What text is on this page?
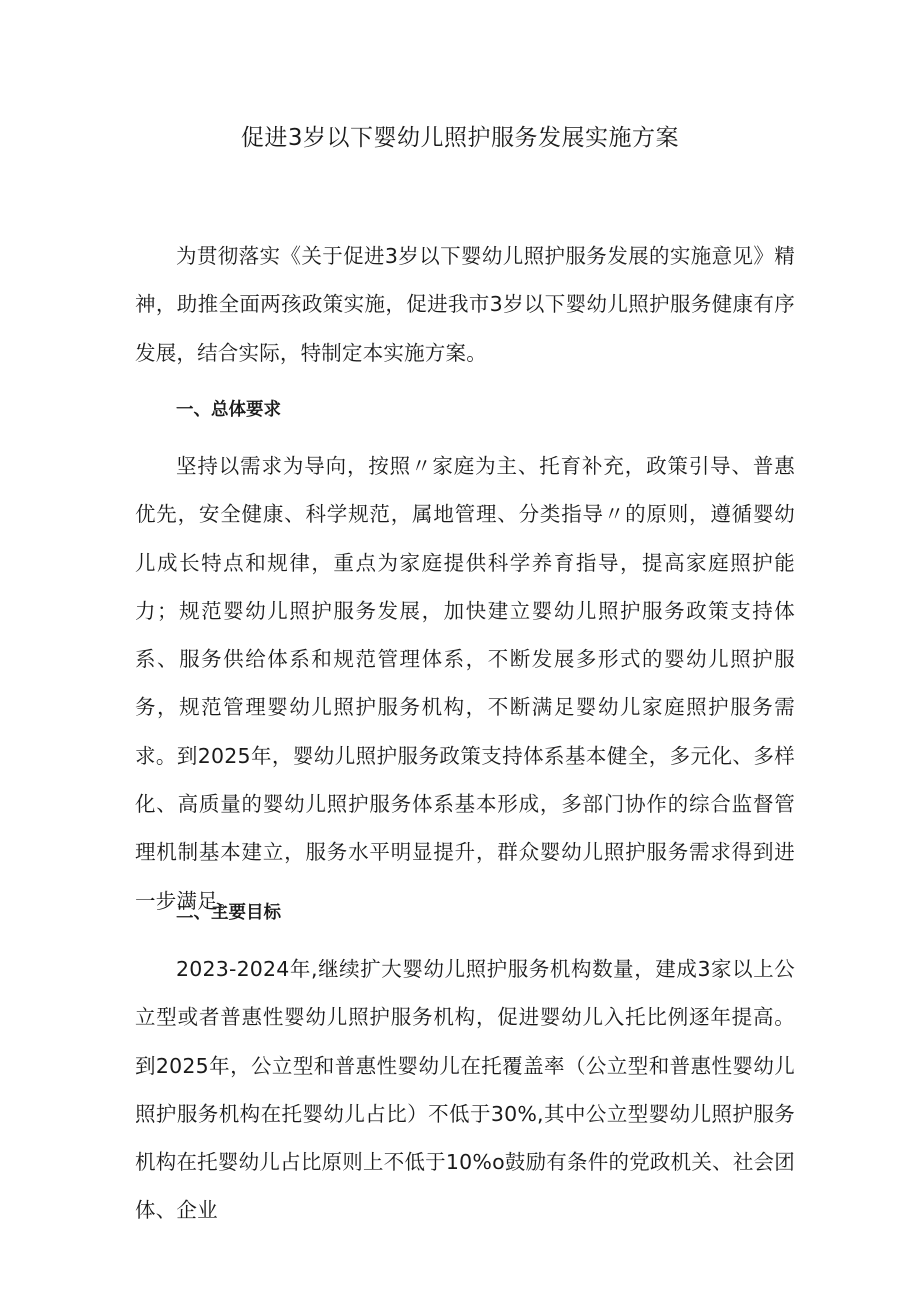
促进3岁以下婴幼儿照护服务发展实施方案

为贯彻落实《关于促进3岁以下婴幼儿照护服务发展的实施意见》精神，助推全面两孩政策实施，促进我市3岁以下婴幼儿照护服务健康有序发展，结合实际，特制定本实施方案。

一、总体要求

坚持以需求为导向，按照〃家庭为主、托育补充，政策引导、普惠优先，安全健康、科学规范，属地管理、分类指导〃的原则，遵循婴幼儿成长特点和规律，重点为家庭提供科学养育指导，提高家庭照护能力；规范婴幼儿照护服务发展，加快建立婴幼儿照护服务政策支持体系、服务供给体系和规范管理体系，不断发展多形式的婴幼儿照护服务，规范管理婴幼儿照护服务机构，不断满足婴幼儿家庭照护服务需求。到2025年，婴幼儿照护服务政策支持体系基本健全，多元化、多样化、高质量的婴幼儿照护服务体系基本形成，多部门协作的综合监督管理机制基本建立，服务水平明显提升，群众婴幼儿照护服务需求得到进一步满足。

二、主要目标

2023-2024年,继续扩大婴幼儿照护服务机构数量，建成3家以上公立型或者普惠性婴幼儿照护服务机构，促进婴幼儿入托比例逐年提高。到2025年，公立型和普惠性婴幼儿在托覆盖率（公立型和普惠性婴幼儿照护服务机构在托婴幼儿占比）不低于30%,其中公立型婴幼儿照护服务机构在托婴幼儿占比原则上不低于10%o鼓励有条件的党政机关、社会团体、企业
